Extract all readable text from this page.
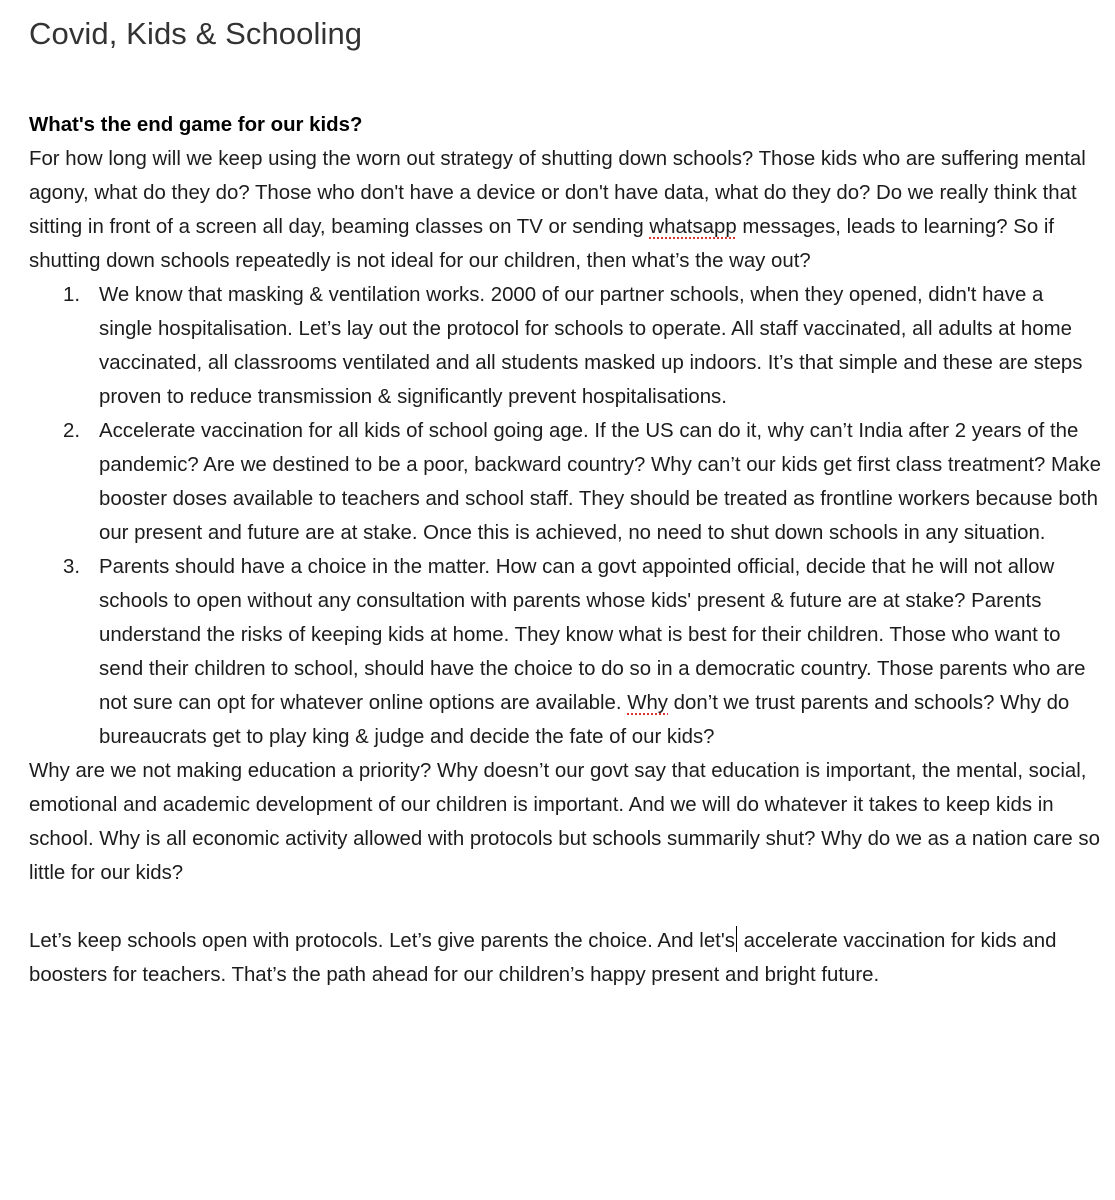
Covid, Kids & Schooling

What's the end game for our kids?

For how long will we keep using the worn out strategy of shutting down schools? Those kids who are suffering mental agony, what do they do? Those who don't have a device or don't have data, what do they do? Do we really think that sitting in front of a screen all day, beaming classes on TV or sending whatsapp messages, leads to learning? So if shutting down schools repeatedly is not ideal for our children, then what’s the way out?

1. We know that masking & ventilation works. 2000 of our partner schools, when they opened, didn't have a single hospitalisation. Let’s lay out the protocol for schools to operate. All staff vaccinated, all adults at home vaccinated, all classrooms ventilated and all students masked up indoors. It’s that simple and these are steps proven to reduce transmission & significantly prevent hospitalisations.
2. Accelerate vaccination for all kids of school going age. If the US can do it, why can’t India after 2 years of the pandemic? Are we destined to be a poor, backward country? Why can’t our kids get first class treatment? Make booster doses available to teachers and school staff. They should be treated as frontline workers because both our present and future are at stake. Once this is achieved, no need to shut down schools in any situation.
3. Parents should have a choice in the matter. How can a govt appointed official, decide that he will not allow schools to open without any consultation with parents whose kids' present & future are at stake? Parents understand the risks of keeping kids at home. They know what is best for their children. Those who want to send their children to school, should have the choice to do so in a democratic country. Those parents who are not sure can opt for whatever online options are available. Why don’t we trust parents and schools? Why do bureaucrats get to play king & judge and decide the fate of our kids?

Why are we not making education a priority? Why doesn’t our govt say that education is important, the mental, social, emotional and academic development of our children is important. And we will do whatever it takes to keep kids in school. Why is all economic activity allowed with protocols but schools summarily shut? Why do we as a nation care so little for our kids?

Let’s keep schools open with protocols. Let’s give parents the choice. And let's accelerate vaccination for kids and boosters for teachers. That’s the path ahead for our children’s happy present and bright future.
